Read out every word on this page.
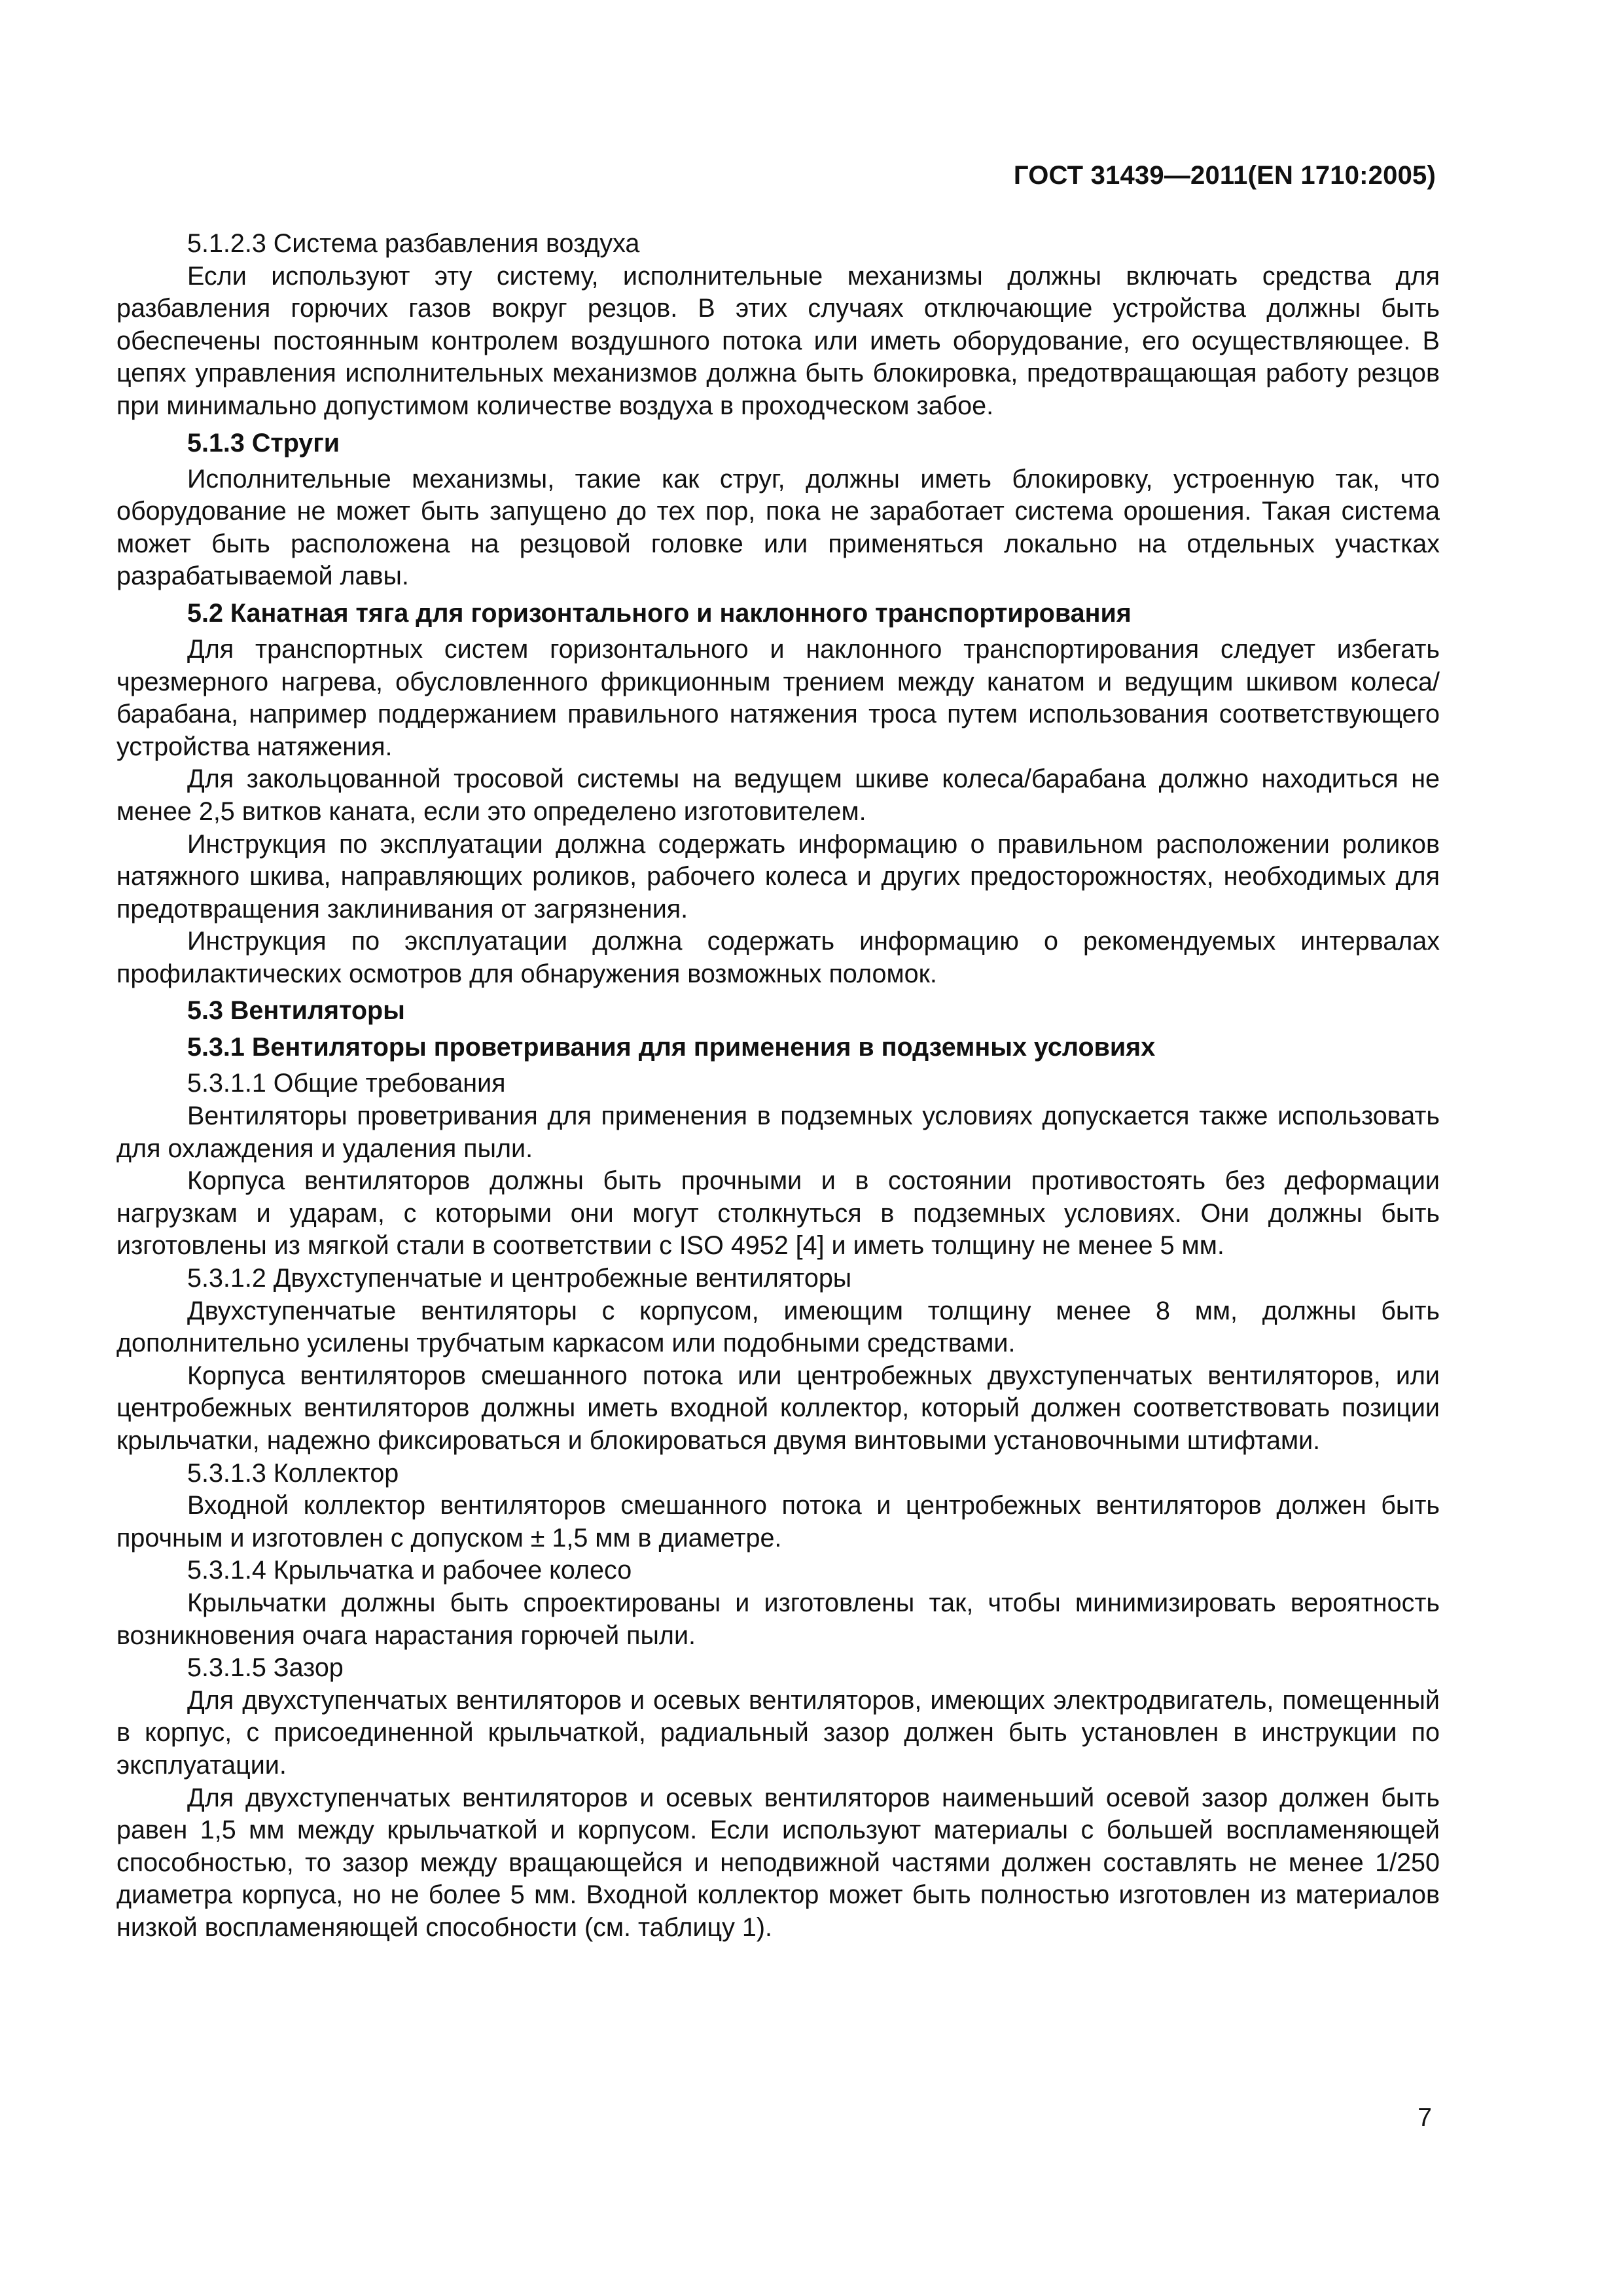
ГОСТ 31439—2011(EN 1710:2005)

5.1.2.3 Система разбавления воздуха

Если используют эту систему, исполнительные механизмы должны включать средства для разбавления горючих газов вокруг резцов. В этих случаях отключающие устройства должны быть обеспечены постоянным контролем воздушного потока или иметь оборудование, его осуществляющее. В цепях управления исполнительных механизмов должна быть блокировка, предотвращающая работу резцов при минимально допустимом количестве воздуха в проходческом забое.

5.1.3 Струги

Исполнительные механизмы, такие как струг, должны иметь блокировку, устроенную так, что оборудование не может быть запущено до тех пор, пока не заработает система орошения. Такая система может быть расположена на резцовой головке или применяться локально на отдельных участках разрабатываемой лавы.

5.2 Канатная тяга для горизонтального и наклонного транспортирования

Для транспортных систем горизонтального и наклонного транспортирования следует избегать чрезмерного нагрева, обусловленного фрикционным трением между канатом и ведущим шкивом колеса/барабана, например поддержанием правильного натяжения троса путем использования соответствующего устройства натяжения.

Для закольцованной тросовой системы на ведущем шкиве колеса/барабана должно находиться не менее 2,5 витков каната, если это определено изготовителем.

Инструкция по эксплуатации должна содержать информацию о правильном расположении роликов натяжного шкива, направляющих роликов, рабочего колеса и других предосторожностях, необходимых для предотвращения заклинивания от загрязнения.

Инструкция по эксплуатации должна содержать информацию о рекомендуемых интервалах профилактических осмотров для обнаружения возможных поломок.

5.3 Вентиляторы
5.3.1 Вентиляторы проветривания для применения в подземных условиях

5.3.1.1 Общие требования

Вентиляторы проветривания для применения в подземных условиях допускается также использовать для охлаждения и удаления пыли.

Корпуса вентиляторов должны быть прочными и в состоянии противостоять без деформации нагрузкам и ударам, с которыми они могут столкнуться в подземных условиях. Они должны быть изготовлены из мягкой стали в соответствии с ISO 4952 [4] и иметь толщину не менее 5 мм.

5.3.1.2 Двухступенчатые и центробежные вентиляторы

Двухступенчатые вентиляторы с корпусом, имеющим толщину менее 8 мм, должны быть дополнительно усилены трубчатым каркасом или подобными средствами.

Корпуса вентиляторов смешанного потока или центробежных двухступенчатых вентиляторов, или центробежных вентиляторов должны иметь входной коллектор, который должен соответствовать позиции крыльчатки, надежно фиксироваться и блокироваться двумя винтовыми установочными штифтами.

5.3.1.3 Коллектор

Входной коллектор вентиляторов смешанного потока и центробежных вентиляторов должен быть прочным и изготовлен с допуском ± 1,5 мм в диаметре.

5.3.1.4 Крыльчатка и рабочее колесо

Крыльчатки должны быть спроектированы и изготовлены так, чтобы минимизировать вероятность возникновения очага нарастания горючей пыли.

5.3.1.5 Зазор

Для двухступенчатых вентиляторов и осевых вентиляторов, имеющих электродвигатель, помещенный в корпус, с присоединенной крыльчаткой, радиальный зазор должен быть установлен в инструкции по эксплуатации.

Для двухступенчатых вентиляторов и осевых вентиляторов наименьший осевой зазор должен быть равен 1,5 мм между крыльчаткой и корпусом. Если используют материалы с большей воспламеняющей способностью, то зазор между вращающейся и неподвижной частями должен составлять не менее 1/250 диаметра корпуса, но не более 5 мм. Входной коллектор может быть полностью изготовлен из материалов низкой воспламеняющей способности (см. таблицу 1).

7
